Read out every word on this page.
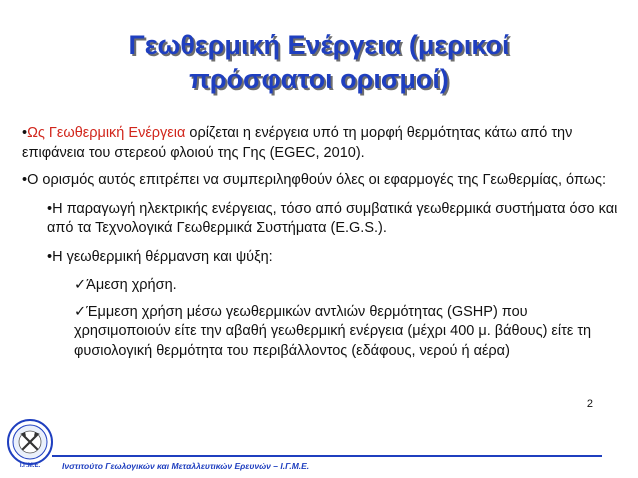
Γεωθερμική Ενέργεια (μερικοί
πρόσφατοι ορισμοί)

•Ως Γεωθερμική Ενέργεια ορίζεται η ενέργεια υπό τη μορφή θερμότητας κάτω από την επιφάνεια του στερεού φλοιού της Γης (EGEC, 2010).

•Ο ορισμός αυτός επιτρέπει να συμπεριληφθούν όλες οι εφαρμογές της Γεωθερμίας, όπως:

•Η παραγωγή ηλεκτρικής ενέργειας, τόσο από συμβατικά γεωθερμικά συστήματα όσο και από τα Τεχνολογικά Γεωθερμικά Συστήματα (E.G.S.).

•Η γεωθερμική θέρμανση και ψύξη:

✓Άμεση χρήση.

✓Έμμεση χρήση μέσω γεωθερμικών αντλιών θερμότητας (GSHP) που χρησιμοποιούν είτε την αβαθή γεωθερμική ενέργεια (μέχρι 400 μ. βάθους) είτε τη φυσιολογική θερμότητα του περιβάλλοντος (εδάφους, νερού ή αέρα)

2
Ι.Γ.Μ.Ε.	Ινστιτούτο Γεωλογικών και Μεταλλευτικών Ερευνών – Ι.Γ.Μ.Ε.
